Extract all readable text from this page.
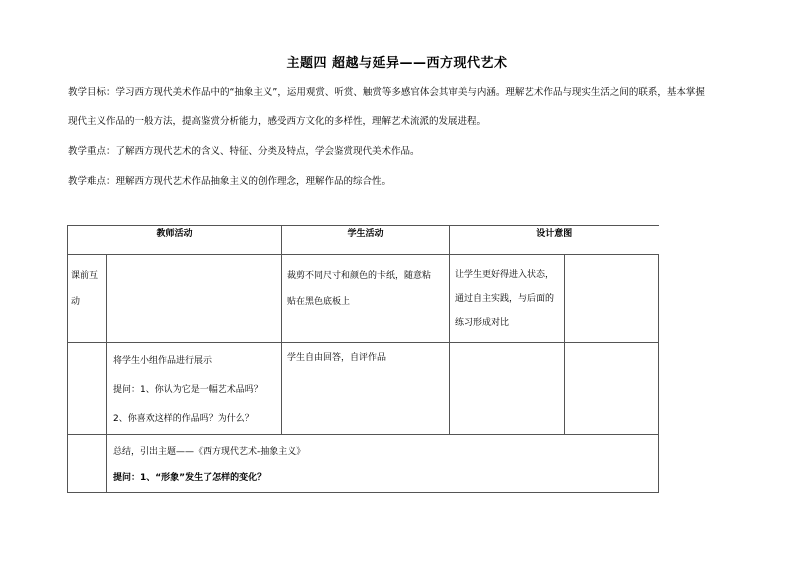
主题四 超越与延异——西方现代艺术
教学目标：学习西方现代美术作品中的“抽象主义”，运用观赏、听赏、触赏等多感官体会其审美与内涵。理解艺术作品与现实生活之间的联系，基本掌握
现代主义作品的一般方法，提高鉴赏分析能力，感受西方文化的多样性，理解艺术流派的发展进程。
教学重点：了解西方现代艺术的含义、特征、分类及特点，学会鉴赏现代美术作品。
教学难点：理解西方现代艺术作品抽象主义的创作理念，理解作品的综合性。
教师活动		学生活动	设计意图	

课前互动		裁剪不同尺寸和颜色的卡纸，随意粘
贴在黑色底板上	让学生更好得进入状态，
通过自主实践，与后面的
练习形成对比	

	将学生小组作品进行展示
提问：1、你认为它是一幅艺术品吗？
2、你喜欢这样的作品吗？为什么？	学生自由回答，自评作品		

	总结，引出主题——《西方现代艺术-抽象主义》
提问：1、“形象”发生了怎样的变化？			
